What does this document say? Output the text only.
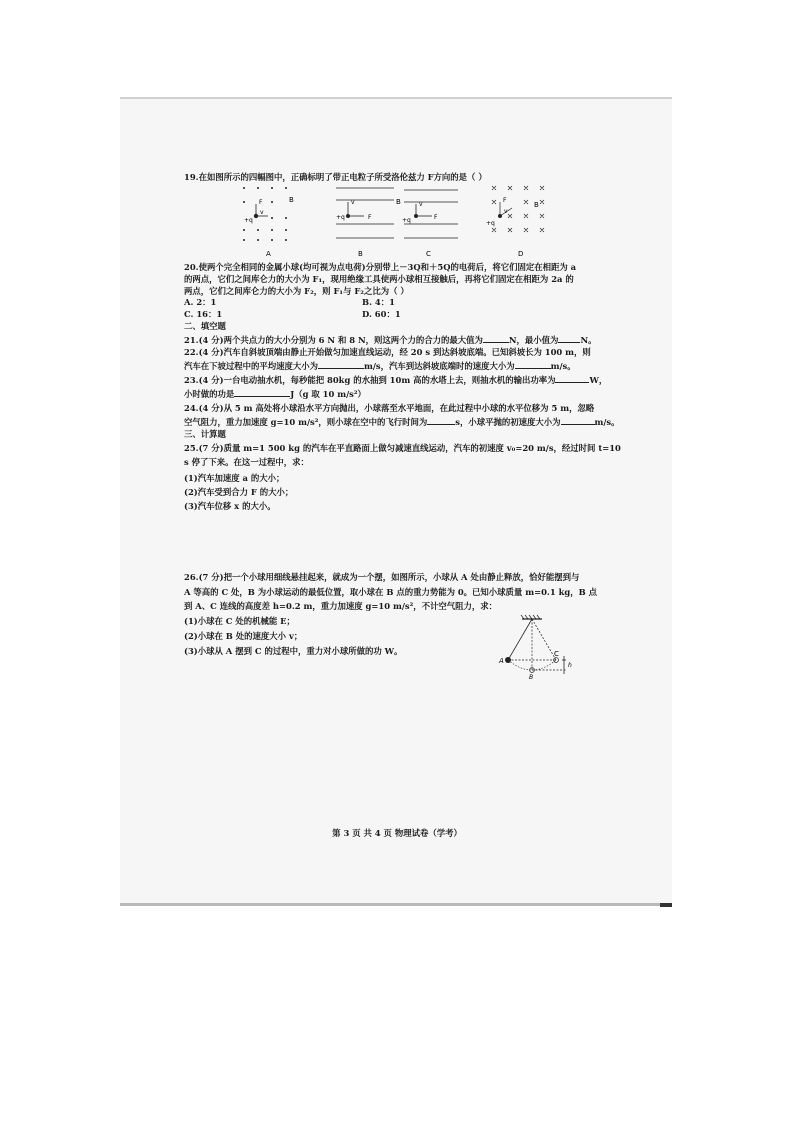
19.在如图所示的四幅图中，正确标明了带正电粒子所受洛伦兹力 F方向的是（ ）
B
+q
v
F
A
B
+q	F
v
B
+q	F
v
C
B
+q
F
v
D
20.使两个完全相同的金属小球(均可视为点电荷)分别带上－3Q和＋5Q的电荷后，将它们固定在相距为 a
的两点，它们之间库仑力的大小为 F₁，现用绝缘工具使两小球相互接触后，再将它们固定在相距为 2a 的
两点，它们之间库仑力的大小为 F₂，则 F₁与 F₂之比为（ ）
A. 2：1	B. 4：1
C. 16：1	D. 60：1
二、填空题
21.(4 分)两个共点力的大小分别为 6 N 和 8 N，则这两个力的合力的最大值为	N，最小值为	N。
22.(4 分)汽车自斜坡顶端由静止开始做匀加速直线运动，经 20 s 到达斜坡底端。已知斜坡长为 100 m，则
汽车在下坡过程中的平均速度大小为	m/s，汽车到达斜坡底端时的速度大小为	m/s。
23.(4 分)一台电动抽水机，每秒能把 80kg 的水抽到 10m 高的水塔上去，则抽水机的输出功率为	W，
小时做的功是	J（g 取 10 m/s²）
24.(4 分)从 5 m 高处将小球沿水平方向抛出，小球落至水平地面，在此过程中小球的水平位移为 5 m，忽略
空气阻力，重力加速度 g=10 m/s²，则小球在空中的飞行时间为	s，小球平抛的初速度大小为	m/s。
三、计算题
25.(7 分)质量 m=1 500 kg 的汽车在平直路面上做匀减速直线运动，汽车的初速度 v₀=20 m/s，经过时间 t=10
s 停了下来。在这一过程中，求：
(1)汽车加速度 a 的大小；
(2)汽车受到合力 F 的大小；
(3)汽车位移 x 的大小。
26.(7 分)把一个小球用细线悬挂起来，就成为一个摆，如图所示，小球从 A 处由静止释放，恰好能摆到与
A 等高的 C 处，B 为小球运动的最低位置，取小球在 B 点的重力势能为 0。已知小球质量 m=0.1 kg，B 点
到 A、C 连线的高度差 h=0.2 m，重力加速度 g=10 m/s²，不计空气阻力，求：
(1)小球在 C 处的机械能 E；
(2)小球在 B 处的速度大小 v；
(3)小球从 A 摆到 C 的过程中，重力对小球所做的功 W。
A
B
C
h
第 3 页 共 4 页 物理试卷（学考）
